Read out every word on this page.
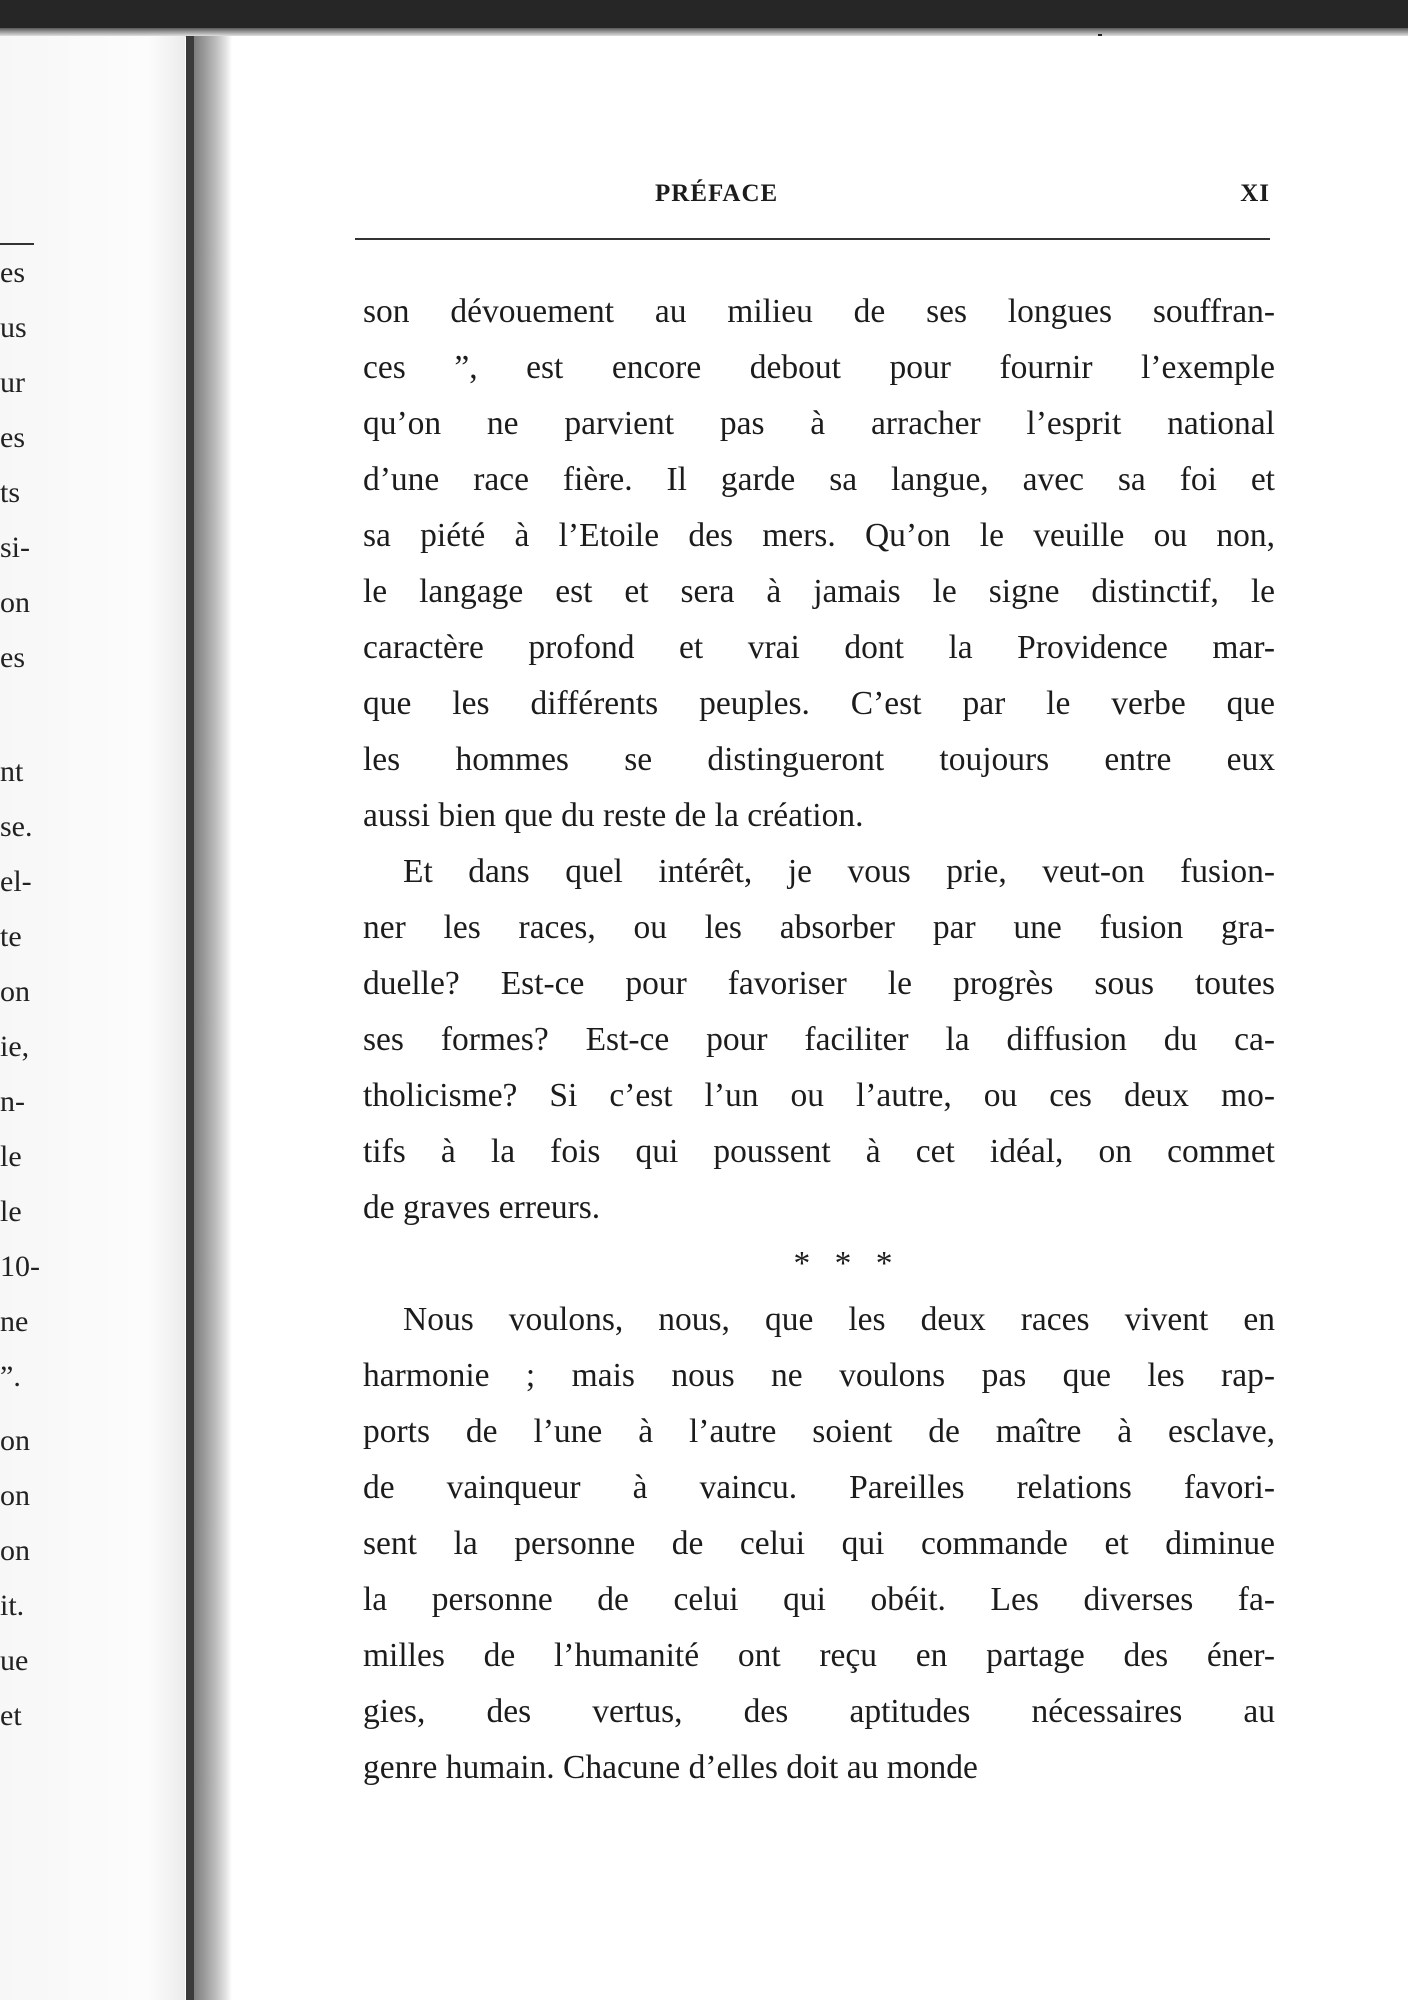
es
us
ur
es
ts
si-
on
es
nt
se.
el-
te
on
ie,
n-
le
le
10-
ne
”.
on
on
on
it.
ue
et
PRÉFACE	XI
son dévouement au milieu de ses longues souffran-
ces ”, est encore debout pour fournir l’exemple
qu’on ne parvient pas à arracher l’esprit national
d’une race fière. Il garde sa langue, avec sa foi et
sa piété à l’Etoile des mers. Qu’on le veuille ou non,
le langage est et sera à jamais le signe distinctif, le
caractère profond et vrai dont la Providence mar-
que les différents peuples. C’est par le verbe que
les hommes se distingueront toujours entre eux
aussi bien que du reste de la création.
Et dans quel intérêt, je vous prie, veut-on fusion-
ner les races, ou les absorber par une fusion gra-
duelle? Est-ce pour favoriser le progrès sous toutes
ses formes? Est-ce pour faciliter la diffusion du ca-
tholicisme? Si c’est l’un ou l’autre, ou ces deux mo-
tifs à la fois qui poussent à cet idéal, on commet
de graves erreurs.
* * *
Nous voulons, nous, que les deux races vivent en
harmonie ; mais nous ne voulons pas que les rap-
ports de l’une à l’autre soient de maître à esclave,
de vainqueur à vaincu. Pareilles relations favori-
sent la personne de celui qui commande et diminue
la personne de celui qui obéit. Les diverses fa-
milles de l’humanité ont reçu en partage des éner-
gies, des vertus, des aptitudes nécessaires au
genre humain. Chacune d’elles doit au monde
